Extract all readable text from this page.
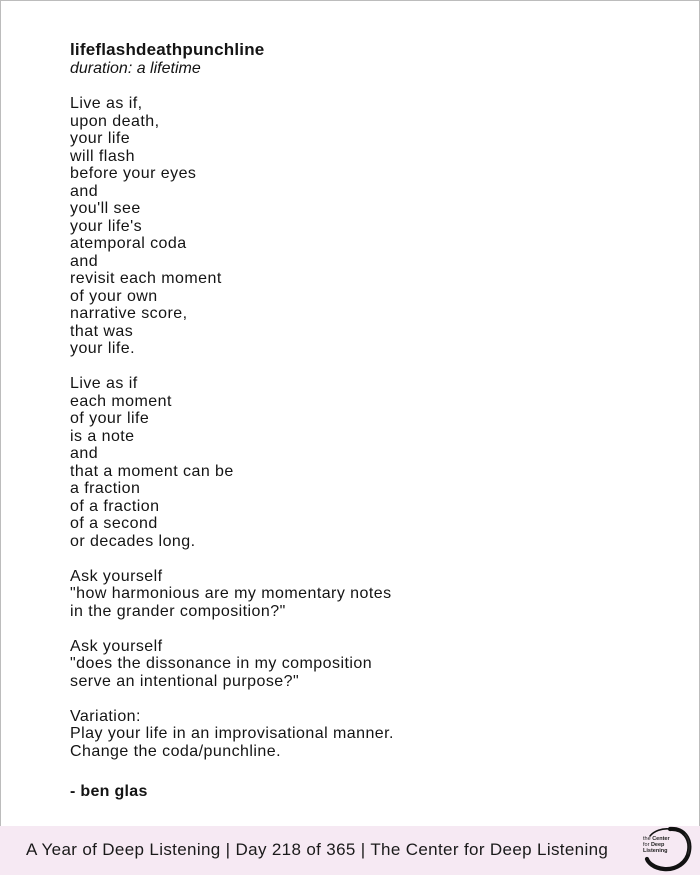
lifeflashdeathpunchline
duration: a lifetime
Live as if,
upon death,
your life
will flash
before your eyes
and
you'll see
your life's
atemporal coda
and
revisit each moment
of your own
narrative score,
that was
your life.
Live as if
each moment
of your life
is a note
and
that a moment can be
a fraction
of a fraction
of a second
or decades long.
Ask yourself
"how harmonious are my momentary notes
in the grander composition?"
Ask yourself
"does the dissonance in my composition
serve an intentional purpose?"
Variation:
Play your life in an improvisational manner.
Change the coda/punchline.
- ben glas
A Year of Deep Listening | Day 218 of 365 | The Center for Deep Listening
the Center
for Deep
Listening
